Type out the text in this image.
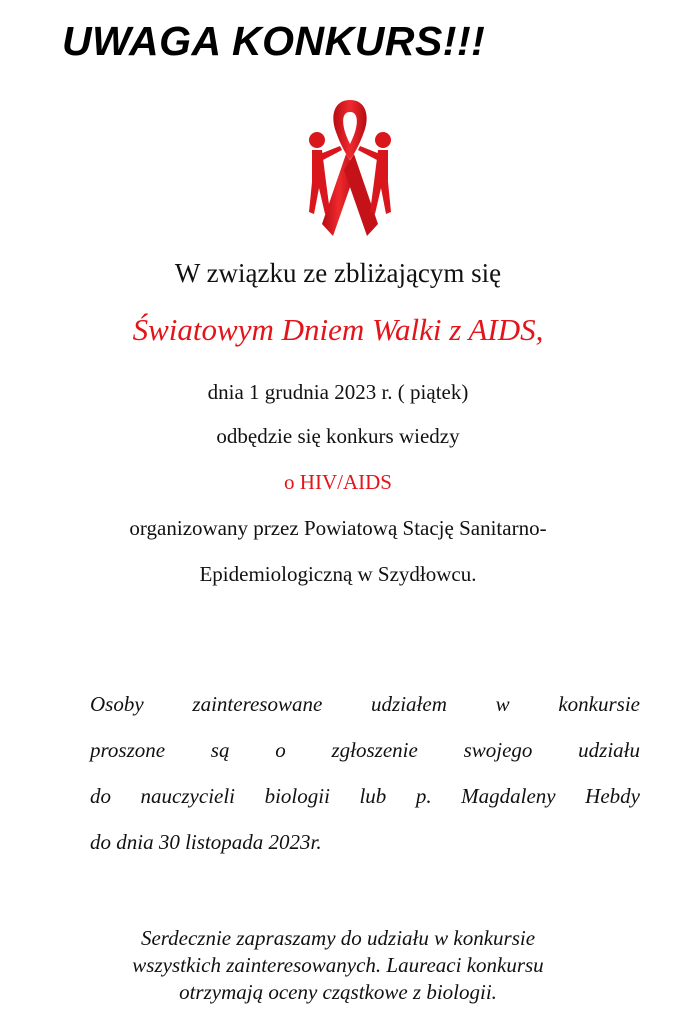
UWAGA KONKURS!!!

W związku ze zbliżającym się

Światowym Dniem Walki z AIDS,

dnia 1 grudnia 2023 r. ( piątek)

odbędzie się konkurs wiedzy

o HIV/AIDS

organizowany przez Powiatową Stację Sanitarno-

Epidemiologiczną w Szydłowcu.

Osoby zainteresowane udziałem w konkursie
proszone są o zgłoszenie swojego udziału
do nauczycieli biologii lub p. Magdaleny Hebdy
do dnia 30 listopada 2023r.
Serdecznie zapraszamy do udziału w konkursie
wszystkich zainteresowanych. Laureaci konkursu
otrzymają oceny cząstkowe z biologii.
